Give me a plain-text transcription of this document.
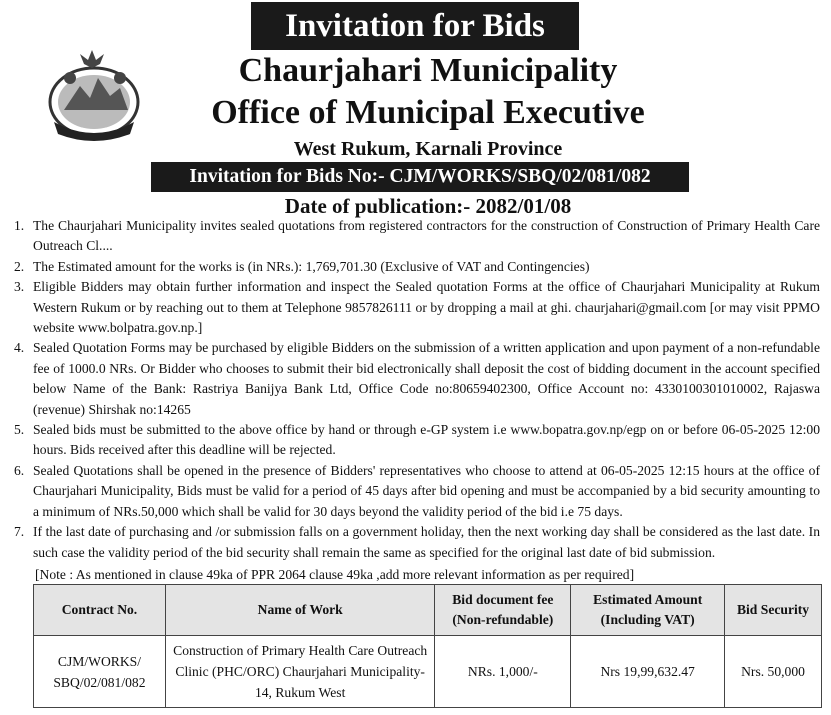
Invitation for Bids
Chaurjahari Municipality
Office of Municipal Executive
West Rukum, Karnali Province
Invitation for Bids No:- CJM/WORKS/SBQ/02/081/082
Date of publication:- 2082/01/08
1. The Chaurjahari Municipality invites sealed quotations from registered contractors for the construction of Construction of Primary Health Care Outreach Cl....
2. The Estimated amount for the works is (in NRs.): 1,769,701.30 (Exclusive of VAT and Contingencies)
3. Eligible Bidders may obtain further information and inspect the Sealed quotation Forms at the office of Chaurjahari Municipality at Rukum Western Rukum or by reaching out to them at Telephone 9857826111 or by dropping a mail at ghi. chaurjahari@gmail.com [or may visit PPMO website www.bolpatra.gov.np.]
4. Sealed Quotation Forms may be purchased by eligible Bidders on the submission of a written application and upon payment of a non-refundable fee of 1000.0 NRs. Or Bidder who chooses to submit their bid electronically shall deposit the cost of bidding document in the account specified below Name of the Bank: Rastriya Banijya Bank Ltd, Office Code no:80659402300, Office Account no: 4330100301010002, Rajaswa (revenue) Shirshak no:14265
5. Sealed bids must be submitted to the above office by hand or through e-GP system i.e www.bopatra.gov.np/egp on or before 06-05-2025 12:00 hours. Bids received after this deadline will be rejected.
6. Sealed Quotations shall be opened in the presence of Bidders' representatives who choose to attend at 06-05-2025 12:15 hours at the office of Chaurjahari Municipality, Bids must be valid for a period of 45 days after bid opening and must be accompanied by a bid security amounting to a minimum of NRs.50,000 which shall be valid for 30 days beyond the validity period of the bid i.e 75 days.
7. If the last date of purchasing and /or submission falls on a government holiday, then the next working day shall be considered as the last date. In such case the validity period of the bid security shall remain the same as specified for the original last date of bid submission.
[Note : As mentioned in clause 49ka of PPR 2064 clause 49ka ,add more relevant information as per required]
Contract No.	Name of Work	Bid document fee (Non-refundable)	Estimated Amount (Including VAT)	Bid Security
CJM/WORKS/ SBQ/02/081/082	Construction of Primary Health Care Outreach Clinic (PHC/ORC) Chaurjahari Municipality-14, Rukum West	NRs. 1,000/-	Nrs 19,99,632.47	Nrs. 50,000
